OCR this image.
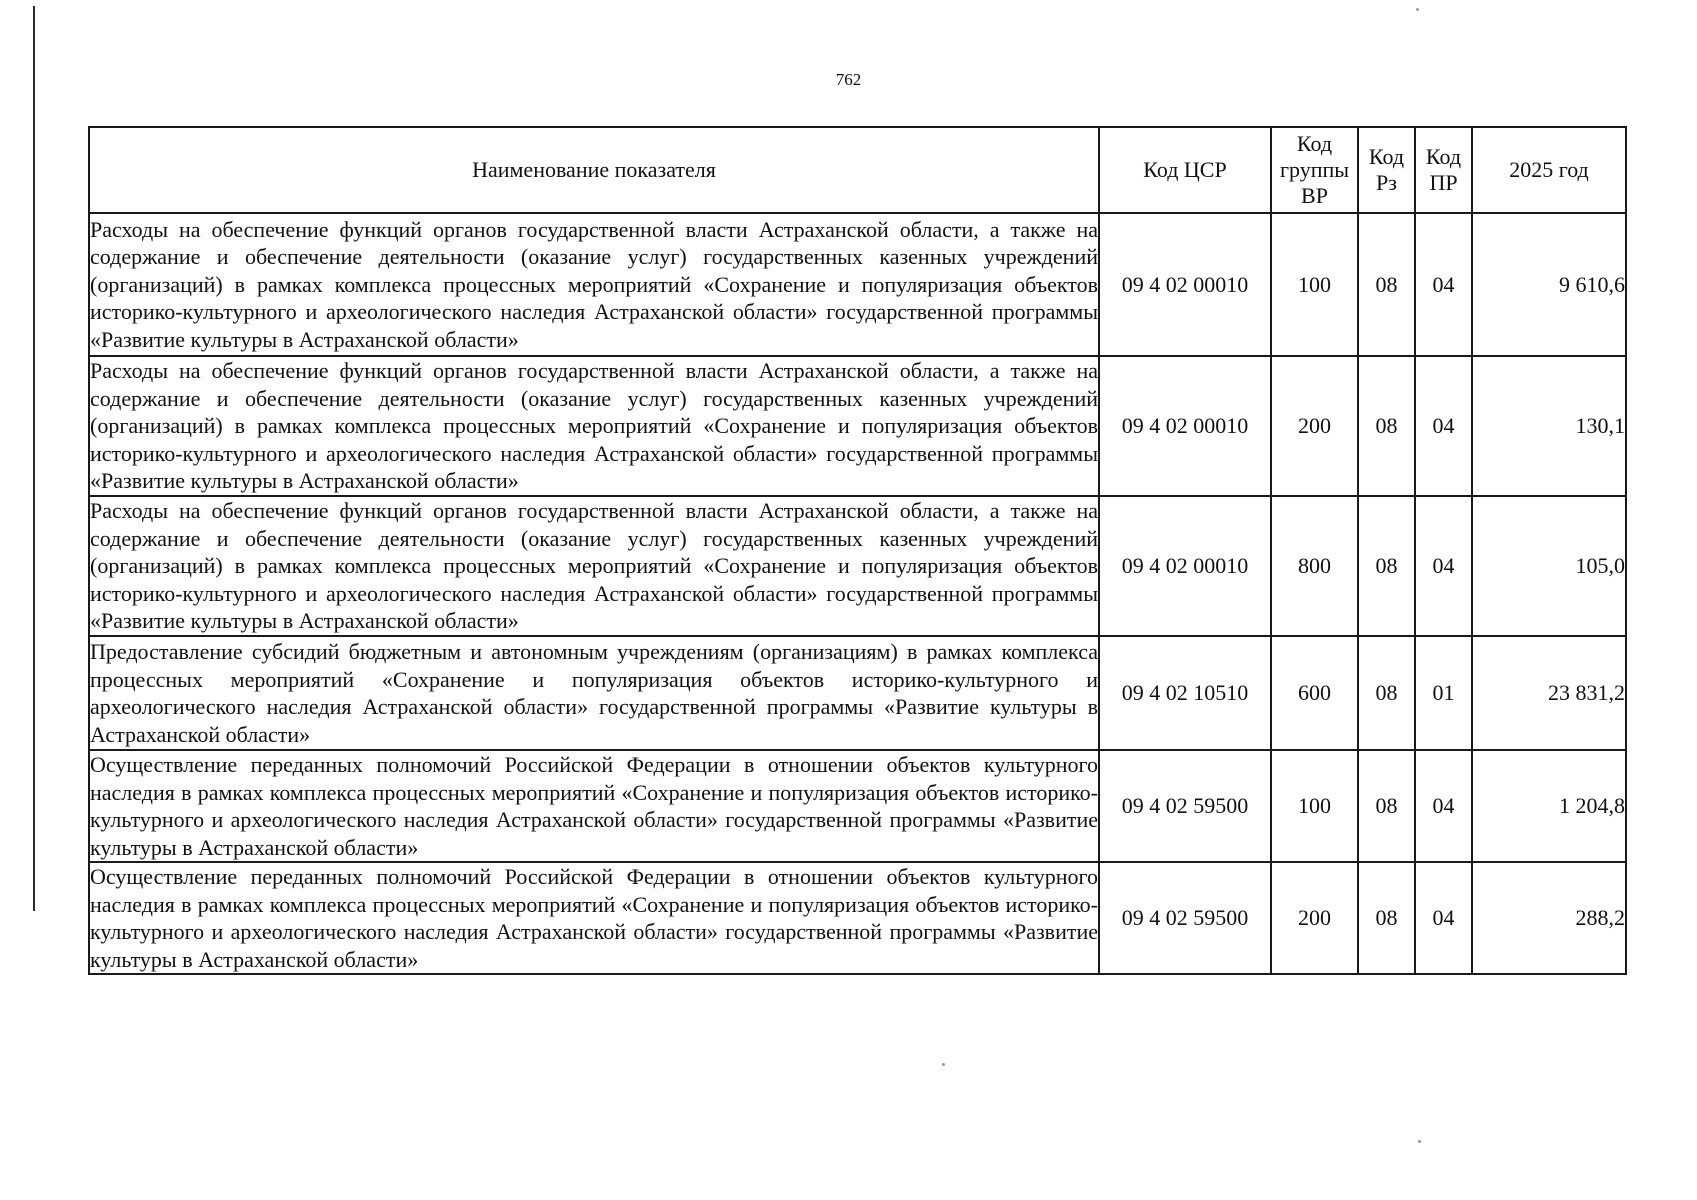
762
Наименование показателя	Код ЦСР	Код группы ВР	Код Рз	Код ПР	2025 год
Расходы на обеспечение функций органов государственной власти Астраханской области, а также на содержание и обеспечение деятельности (оказание услуг) государственных казенных учреждений (организаций) в рамках комплекса процессных мероприятий «Сохранение и популяризация объектов историко-культурного и археологического наследия Астраханской области» государственной программы «Развитие культуры в Астраханской области»	09 4 02 00010	100	08	04	9 610,6
Расходы на обеспечение функций органов государственной власти Астраханской области, а также на содержание и обеспечение деятельности (оказание услуг) государственных казенных учреждений (организаций) в рамках комплекса процессных мероприятий «Сохранение и популяризация объектов историко-культурного и археологического наследия Астраханской области» государственной программы «Развитие культуры в Астраханской области»	09 4 02 00010	200	08	04	130,1
Расходы на обеспечение функций органов государственной власти Астраханской области, а также на содержание и обеспечение деятельности (оказание услуг) государственных казенных учреждений (организаций) в рамках комплекса процессных мероприятий «Сохранение и популяризация объектов историко-культурного и археологического наследия Астраханской области» государственной программы «Развитие культуры в Астраханской области»	09 4 02 00010	800	08	04	105,0
Предоставление субсидий бюджетным и автономным учреждениям (организациям) в рамках комплекса процессных мероприятий «Сохранение и популяризация объектов историко-культурного и археологического наследия Астраханской области» государственной программы «Развитие культуры в Астраханской области»	09 4 02 10510	600	08	01	23 831,2
Осуществление переданных полномочий Российской Федерации в отношении объектов культурного наследия в рамках комплекса процессных мероприятий «Сохранение и популяризация объектов историко-культурного и археологического наследия Астраханской области» государственной программы «Развитие культуры в Астраханской области»	09 4 02 59500	100	08	04	1 204,8
Осуществление переданных полномочий Российской Федерации в отношении объектов культурного наследия в рамках комплекса процессных мероприятий «Сохранение и популяризация объектов историко-культурного и археологического наследия Астраханской области» государственной программы «Развитие культуры в Астраханской области»	09 4 02 59500	200	08	04	288,2
